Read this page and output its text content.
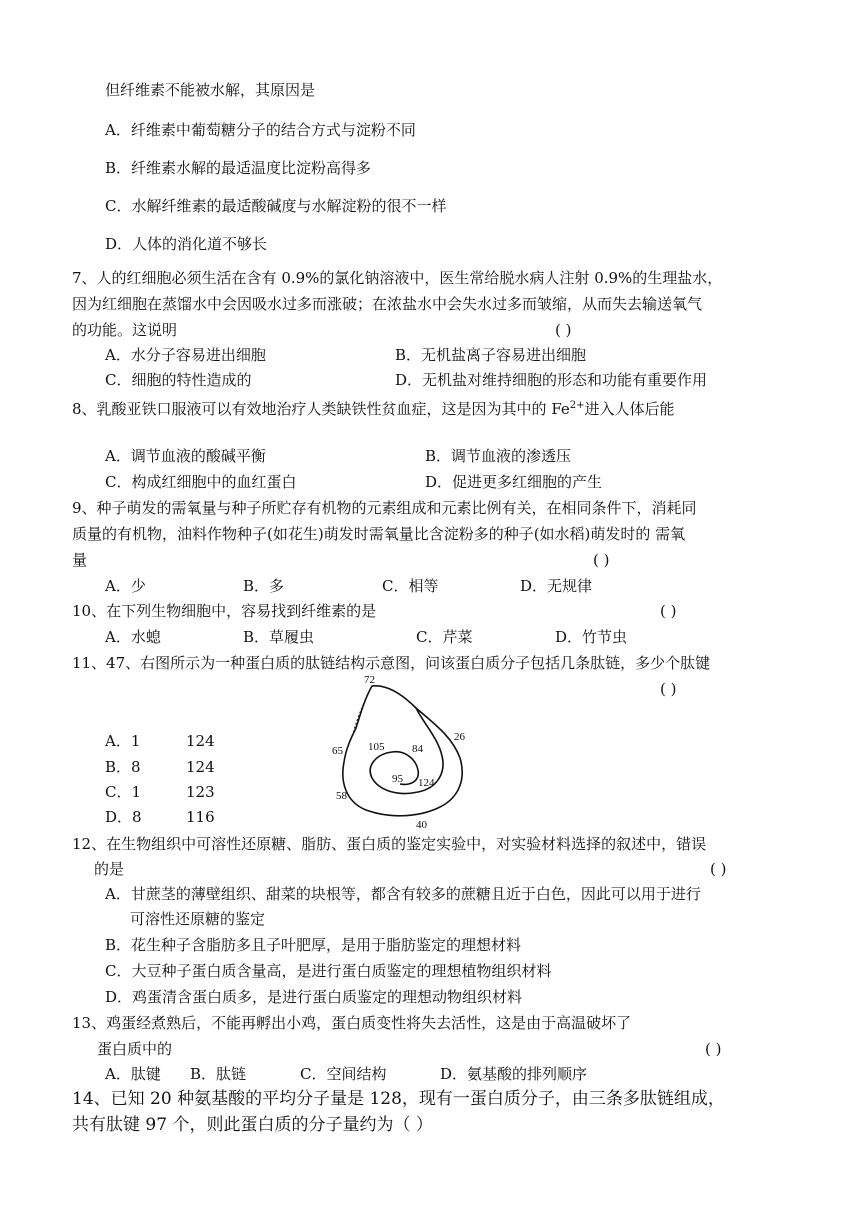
但纤维素不能被水解，其原因是
A．纤维素中葡萄糖分子的结合方式与淀粉不同
B．纤维素水解的最适温度比淀粉高得多
C．水解纤维素的最适酸碱度与水解淀粉的很不一样
D．人体的消化道不够长
7、人的红细胞必须生活在含有 0.9%的氯化钠溶液中，医生常给脱水病人注射 0.9%的生理盐水，
因为红细胞在蒸馏水中会因吸水过多而涨破；在浓盐水中会失水过多而皱缩，从而失去输送氧气
的功能。这说明	( )
A．水分子容易进出细胞	B．无机盐离子容易进出细胞
C．细胞的特性造成的	D．无机盐对维持细胞的形态和功能有重要作用
8、乳酸亚铁口服液可以有效地治疗人类缺铁性贫血症，这是因为其中的 $Fe^{2+}$进入人体后能
A．调节血液的酸碱平衡	B．调节血液的渗透压
C．构成红细胞中的血红蛋白	D．促进更多红细胞的产生
9、种子萌发的需氧量与种子所贮存有机物的元素组成和元素比例有关，在相同条件下，消耗同
质量的有机物，油料作物种子(如花生)萌发时需氧量比含淀粉多的种子(如水稻)萌发时的 需氧
量	( )
A．少	B．多	C．相等	D．无规律
10、在下列生物细胞中，容易找到纤维素的是	( )
A．水螅	B．草履虫	C．芹菜	D．竹节虫
11、47、右图所示为一种蛋白质的肽链结构示意图，问该蛋白质分子包括几条肽链，多少个肽键
( )
A．1	124
B．8	124
C．1	123
D．8	116
72
26
65 105	84
95 124
58
40
12、在生物组织中可溶性还原糖、脂肪、蛋白质的鉴定实验中，对实验材料选择的叙述中，错误
的是	( )
A．甘蔗茎的薄壁组织、甜菜的块根等，都含有较多的蔗糖且近于白色，因此可以用于进行
可溶性还原糖的鉴定
B．花生种子含脂肪多且子叶肥厚，是用于脂肪鉴定的理想材料
C．大豆种子蛋白质含量高，是进行蛋白质鉴定的理想植物组织材料
D．鸡蛋清含蛋白质多，是进行蛋白质鉴定的理想动物组织材料
13、鸡蛋经煮熟后，不能再孵出小鸡，蛋白质变性将失去活性，这是由于高温破坏了
蛋白质中的	( )
A．肽键 B．肽链	C．空间结构	D．氨基酸的排列顺序
14、已知 20 种氨基酸的平均分子量是 128，现有一蛋白质分子，由三条多肽链组成，
共有肽键 97 个，则此蛋白质的分子量约为（ ）
